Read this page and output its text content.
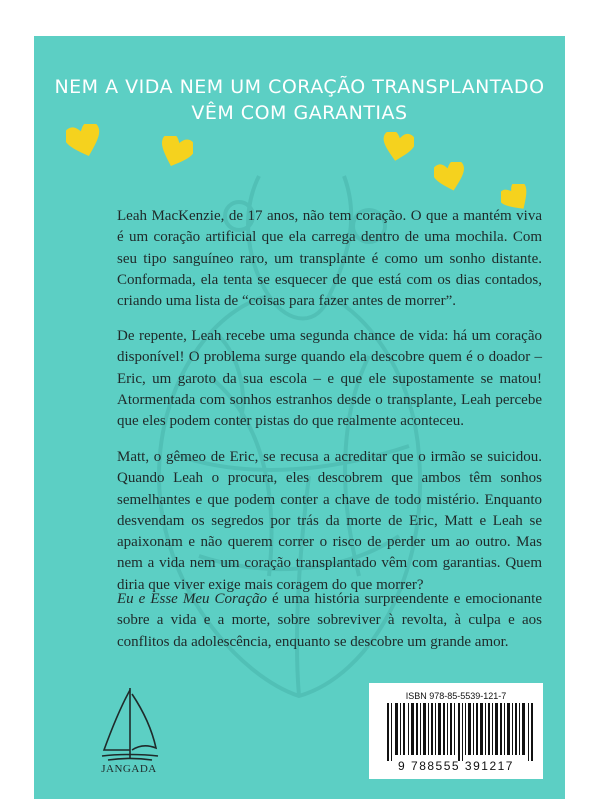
NEM A VIDA NEM UM CORAÇÃO TRANSPLANTADO
VÊM COM GARANTIAS
Leah MacKenzie, de 17 anos, não tem coração. O que a mantém viva é um coração artificial que ela carrega dentro de uma mochila. Com seu tipo sanguíneo raro, um transplante é como um sonho distante. Conformada, ela tenta se esquecer de que está com os dias contados, criando uma lista de “coisas para fazer antes de morrer”.
De repente, Leah recebe uma segunda chance de vida: há um coração disponível! O problema surge quando ela descobre quem é o doador – Eric, um garoto da sua escola – e que ele supostamente se matou! Atormentada com sonhos estranhos desde o transplante, Leah percebe que eles podem conter pistas do que realmente aconteceu.
Matt, o gêmeo de Eric, se recusa a acreditar que o irmão se suicidou. Quando Leah o procura, eles descobrem que ambos têm sonhos semelhantes e que podem conter a chave de todo mistério. Enquanto desvendam os segredos por trás da morte de Eric, Matt e Leah se apaixonam e não querem correr o risco de perder um ao outro. Mas nem a vida nem um coração transplantado vêm com garantias. Quem diria que viver exige mais coragem do que morrer?
Eu e Esse Meu Coração é uma história surpreendente e emocionante sobre a vida e a morte, sobre sobreviver à revolta, à culpa e aos conflitos da adolescência, enquanto se descobre um grande amor.
JANGADA
ISBN 978-85-5539-121-7
9 788555 391217
